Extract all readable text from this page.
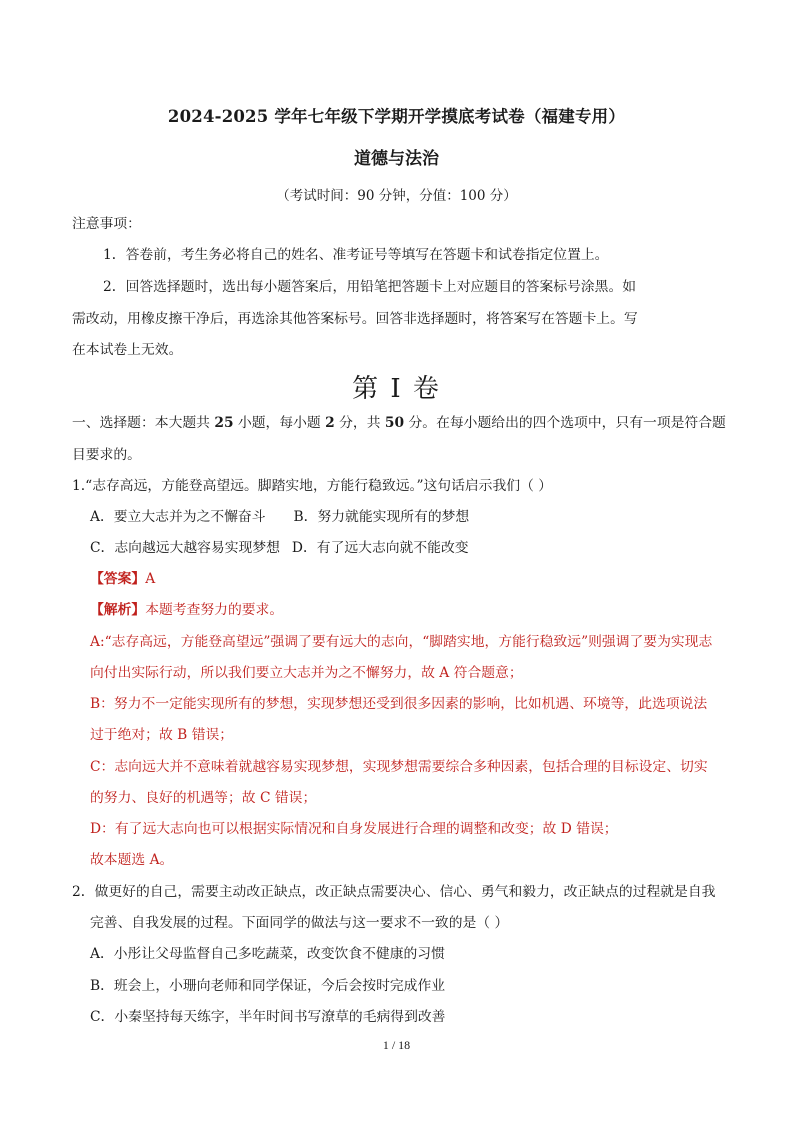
2024-2025 学年七年级下学期开学摸底考试卷（福建专用）
道德与法治
（考试时间：90 分钟，分值：100 分）
注意事项：
1．答卷前，考生务必将自己的姓名、准考证号等填写在答题卡和试卷指定位置上。
2．回答选择题时，选出每小题答案后，用铅笔把答题卡上对应题目的答案标号涂黑。如
需改动，用橡皮擦干净后，再选涂其他答案标号。回答非选择题时，将答案写在答题卡上。写
在本试卷上无效。
第 I 卷
一、选择题：本大题共 25 小题，每小题 2 分，共 50 分。在每小题给出的四个选项中，只有一项是符合题
目要求的。
1.“志存高远，方能登高望远。脚踏实地，方能行稳致远。”这句话启示我们（ ）
A．要立大志并为之不懈奋斗 B．努力就能实现所有的梦想
C．志向越远大越容易实现梦想 D．有了远大志向就不能改变
【答案】A
【解析】本题考查努力的要求。
A:“志存高远，方能登高望远”强调了要有远大的志向，“脚踏实地，方能行稳致远”则强调了要为实现志
向付出实际行动，所以我们要立大志并为之不懈努力，故 A 符合题意；
B：努力不一定能实现所有的梦想，实现梦想还受到很多因素的影响，比如机遇、环境等，此选项说法
过于绝对；故 B 错误；
C：志向远大并不意味着就越容易实现梦想，实现梦想需要综合多种因素，包括合理的目标设定、切实
的努力、良好的机遇等；故 C 错误；
D：有了远大志向也可以根据实际情况和自身发展进行合理的调整和改变；故 D 错误；
故本题选 A。
2．做更好的自己，需要主动改正缺点，改正缺点需要决心、信心、勇气和毅力，改正缺点的过程就是自我
完善、自我发展的过程。下面同学的做法与这一要求不一致的是（ ）
A．小彤让父母监督自己多吃蔬菜，改变饮食不健康的习惯
B．班会上，小珊向老师和同学保证，今后会按时完成作业
C．小秦坚持每天练字，半年时间书写潦草的毛病得到改善
1 / 18
